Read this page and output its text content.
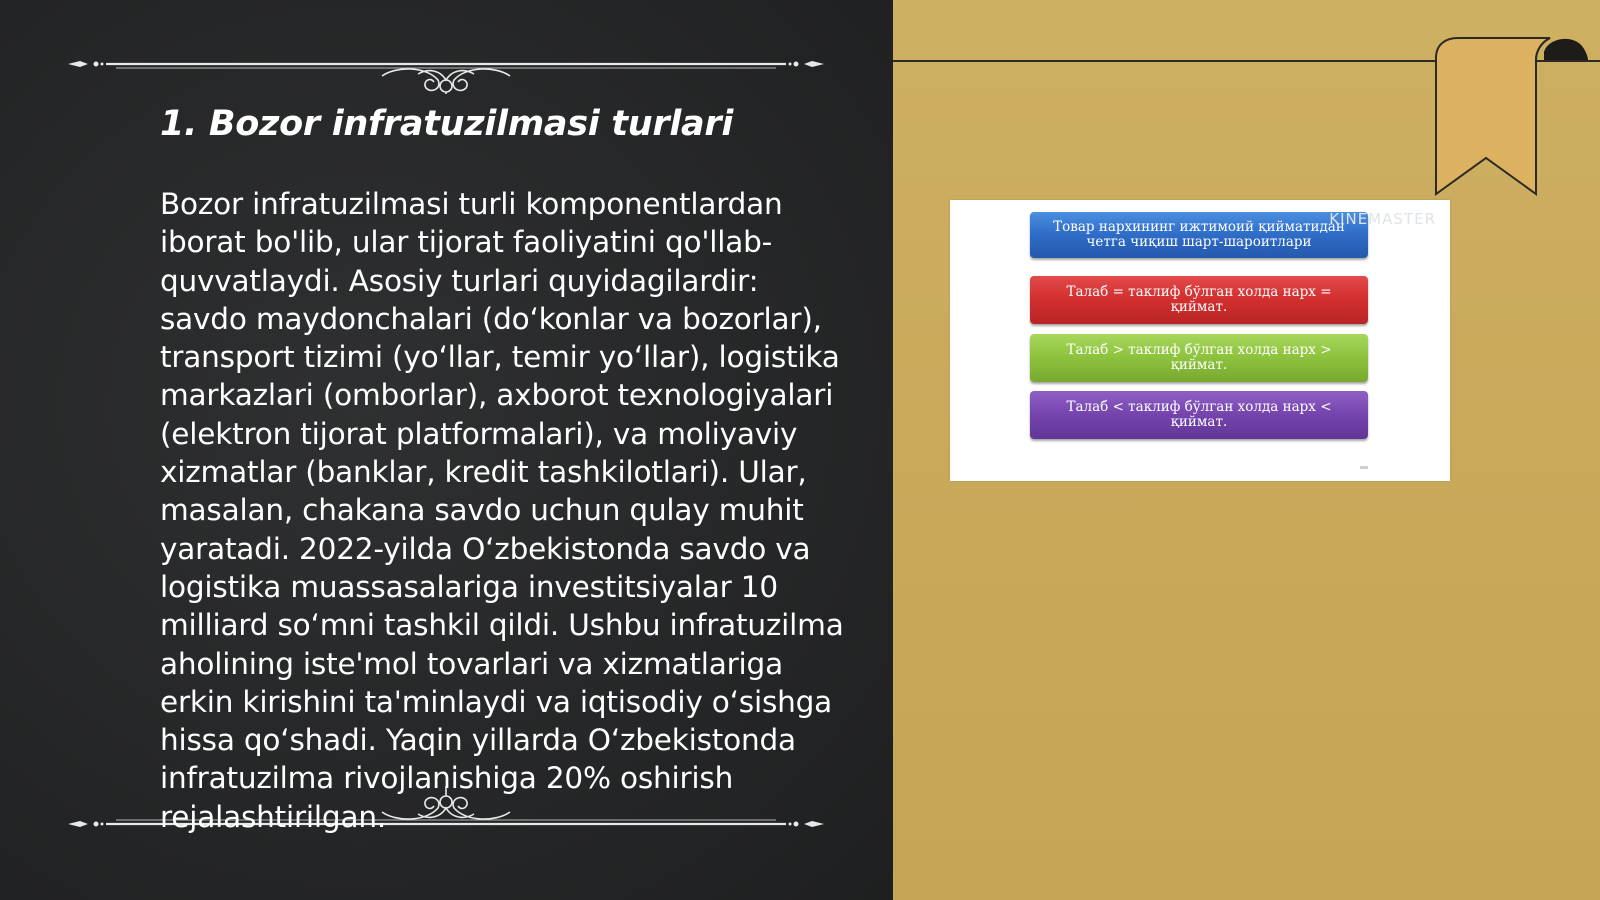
1. Bozor infratuzilmasi turlari

Bozor infratuzilmasi turli komponentlardan iborat bo'lib, ular tijorat faoliyatini qo'llab-quvvatlaydi. Asosiy turlari quyidagilardir: savdo maydonchalari (do‘konlar va bozorlar), transport tizimi (yo‘llar, temir yo‘llar), logistika markazlari (omborlar), axborot texnologiyalari (elektron tijorat platformalari), va moliyaviy xizmatlar (banklar, kredit tashkilotlari). Ular, masalan, chakana savdo uchun qulay muhit yaratadi. 2022-yilda O‘zbekistonda savdo va logistika muassasalariga investitsiyalar 10 milliard so‘mni tashkil qildi. Ushbu infratuzilma aholining iste'mol tovarlari va xizmatlariga erkin kirishini ta'minlaydi va iqtisodiy o‘sishga hissa qo‘shadi. Yaqin yillarda O‘zbekistonda infratuzilma rivojlanishiga 20% oshirish rejalashtirilgan.

Товар нархининг ижтимоий қийматидан четга чиқиш шарт-шароитлари
KINEMASTER
Талаб = таклиф бўлган холда нарх = қиймат.
Талаб > таклиф бўлган холда нарх > қиймат.
Талаб < таклиф бўлган холда нарх < қиймат.
